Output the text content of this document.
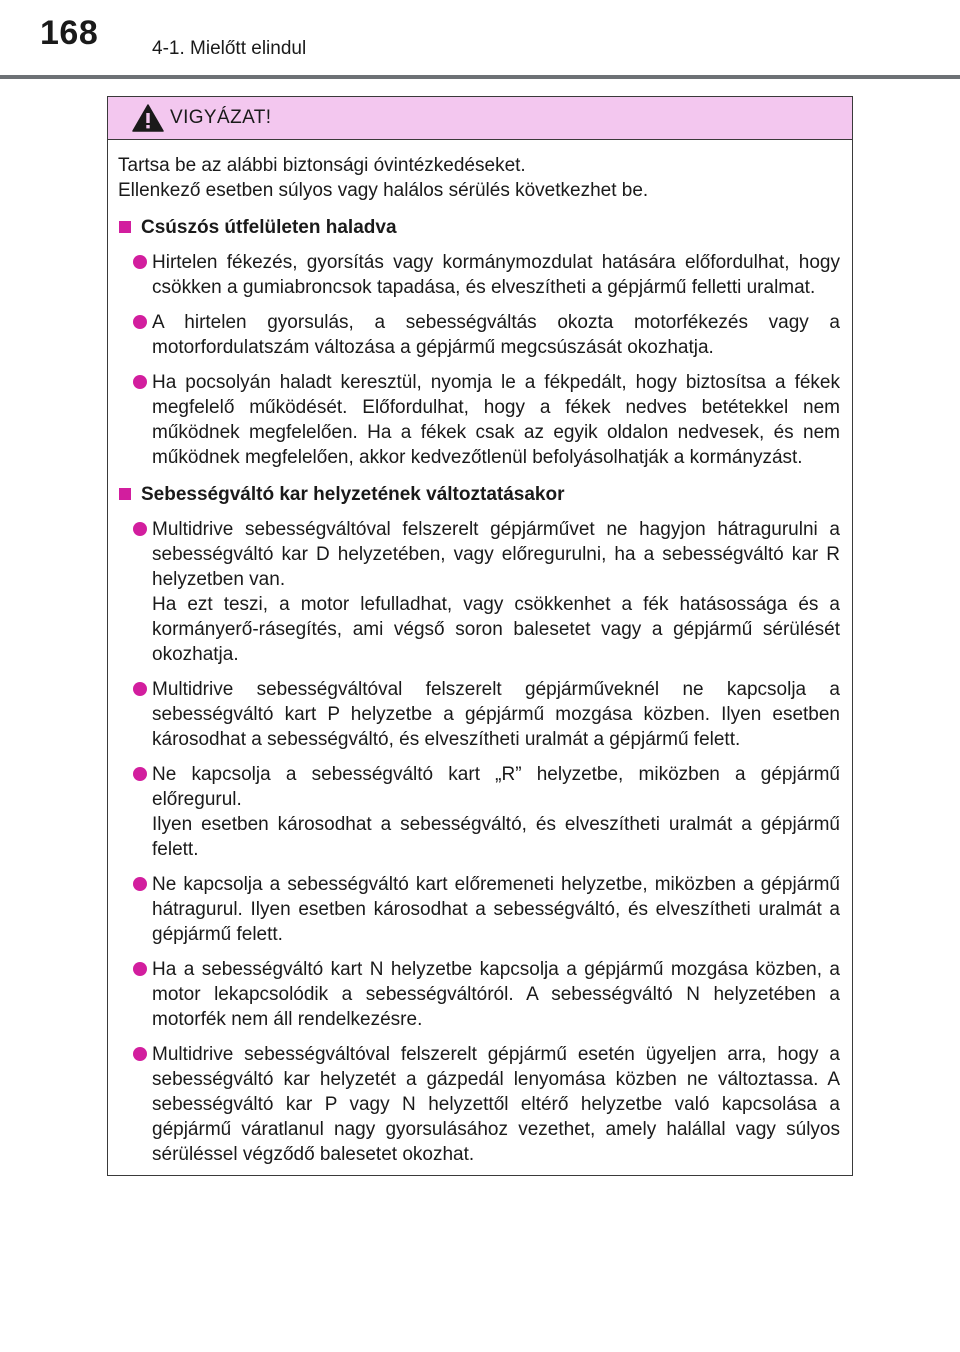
168	4-1. Mielőtt elindul
VIGYÁZAT!

Tartsa be az alábbi biztonsági óvintézkedéseket.

Ellenkező esetben súlyos vagy halálos sérülés következhet be.

Csúszós útfelületen haladva
Hirtelen fékezés, gyorsítás vagy kormánymozdulat hatására előfordulhat, hogy csökken a gumiabroncsok tapadása, és elveszítheti a gépjármű felletti uralmat.
A hirtelen gyorsulás, a sebességváltás okozta motorfékezés vagy a motorfordulatszám változása a gépjármű megcsúszását okozhatja.
Ha pocsolyán haladt keresztül, nyomja le a fékpedált, hogy biztosítsa a fékek megfelelő működését. Előfordulhat, hogy a fékek nedves betétekkel nem működnek megfelelően. Ha a fékek csak az egyik oldalon nedvesek, és nem működnek megfelelően, akkor kedvezőtlenül befolyásolhatják a kormányzást.
Sebességváltó kar helyzetének változtatásakor
Multidrive sebességváltóval felszerelt gépjárművet ne hagyjon hátragurulni a sebességváltó kar D helyzetében, vagy előregurulni, ha a sebességváltó kar R helyzetben van.
Ha ezt teszi, a motor lefulladhat, vagy csökkenhet a fék hatásossága és a kormányerő-rásegítés, ami végső soron balesetet vagy a gépjármű sérülését okozhatja.
Multidrive sebességváltóval felszerelt gépjárműveknél ne kapcsolja a sebességváltó kart P helyzetbe a gépjármű mozgása közben. Ilyen esetben károsodhat a sebességváltó, és elveszítheti uralmát a gépjármű felett.
Ne kapcsolja a sebességváltó kart „R” helyzetbe, miközben a gépjármű előregurul.
Ilyen esetben károsodhat a sebességváltó, és elveszítheti uralmát a gépjármű felett.
Ne kapcsolja a sebességváltó kart előremeneti helyzetbe, miközben a gépjármű hátragurul. Ilyen esetben károsodhat a sebességváltó, és elveszítheti uralmát a gépjármű felett.
Ha a sebességváltó kart N helyzetbe kapcsolja a gépjármű mozgása közben, a motor lekapcsolódik a sebességváltóról. A sebességváltó N helyzetében a motorfék nem áll rendelkezésre.
Multidrive sebességváltóval felszerelt gépjármű esetén ügyeljen arra, hogy a sebességváltó kar helyzetét a gázpedál lenyomása közben ne változtassa. A sebességváltó kar P vagy N helyzettől eltérő helyzetbe való kapcsolása a gépjármű váratlanul nagy gyorsulásához vezethet, amely halállal vagy súlyos sérüléssel végződő balesetet okozhat.
